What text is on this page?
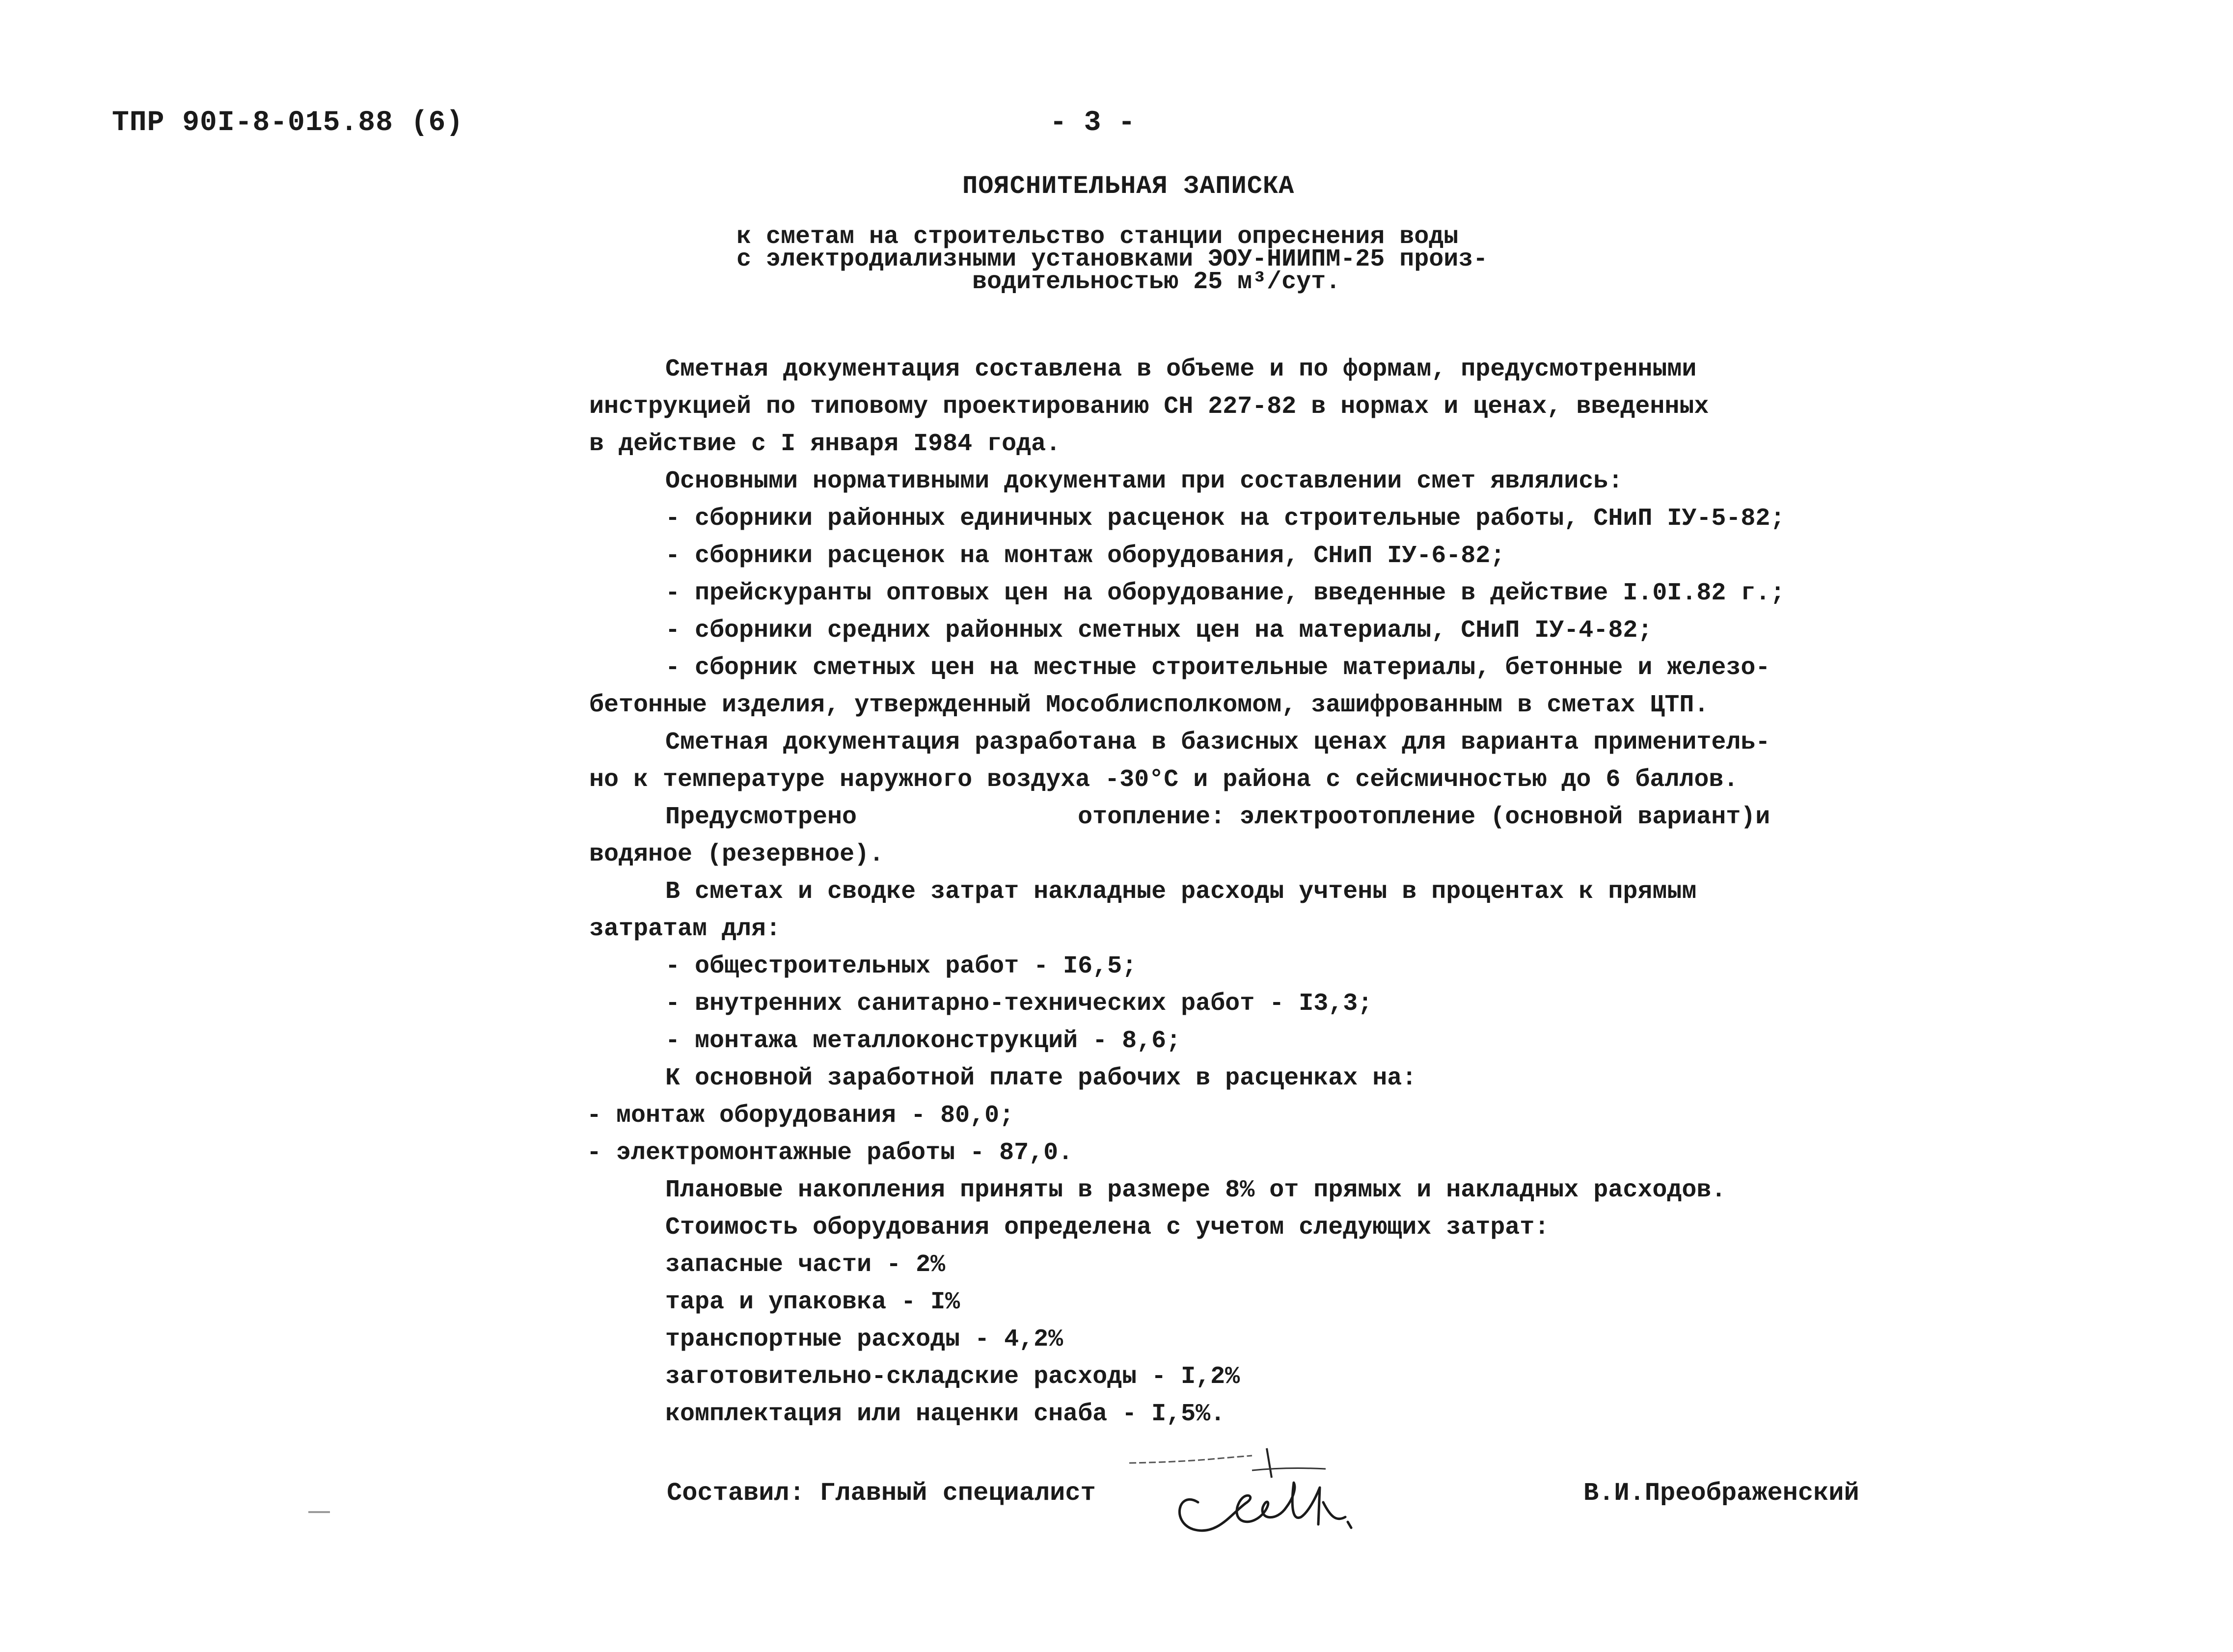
ТПР 90I-8-015.88 (6)	- 3 -
ПОЯСНИТЕЛЬНАЯ ЗАПИСКА
к сметам на строительство станции опреснения воды
с электродиализными установками ЭОУ-НИИПМ-25 произ-
водительностью 25 м³/сут.
Сметная документация составлена в объеме и по формам, предусмотренными
инструкцией по типовому проектированию СН 227-82 в нормах и ценах, введенных
в действие с I января I984 года.
Основными нормативными документами при составлении смет являлись:
- сборники районных единичных расценок на строительные работы, СНиП IУ-5-82;
- сборники расценок на монтаж оборудования, СНиП IУ-6-82;
- прейскуранты оптовых цен на оборудование, введенные в действие I.0I.82 г.;
- сборники средних районных сметных цен на материалы, СНиП IУ-4-82;
- сборник сметных цен на местные строительные материалы, бетонные и железо-
бетонные изделия, утвержденный Мособлисполкомом, зашифрованным в сметах ЦТП.
Сметная документация разработана в базисных ценах для варианта применитель-
но к температуре наружного воздуха -30°С и района с сейсмичностью до 6 баллов.
Предусмотрено	отопление: электроотопление (основной вариант)и
водяное (резервное).
В сметах и сводке затрат накладные расходы учтены в процентах к прямым
затратам для:
- общестроительных работ - I6,5;
- внутренних санитарно-технических работ - I3,3;
- монтажа металлоконструкций - 8,6;
К основной заработной плате рабочих в расценках на:
- монтаж оборудования - 80,0;
- электромонтажные работы - 87,0.
Плановые накопления приняты в размере 8% от прямых и накладных расходов.
Стоимость оборудования определена с учетом следующих затрат:
запасные части - 2%
тара и упаковка - I%
транспортные расходы - 4,2%
заготовительно-складские расходы - I,2%
комплектация или наценки снаба - I,5%.
Составил: Главный специалист	В.И.Преображенский
